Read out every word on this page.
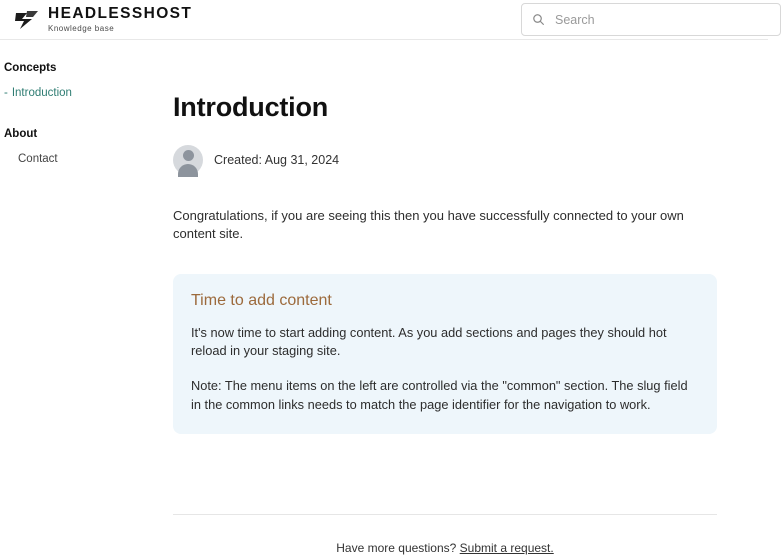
HEADLESSHOST
Knowledge base
Search
Concepts
- Introduction
About
Contact
Introduction
Created: Aug 31, 2024

Congratulations, if you are seeing this then you have successfully connected to your own content site.

Time to add content

It's now time to start adding content. As you add sections and pages they should hot reload in your staging site.

Note: The menu items on the left are controlled via the "common" section. The slug field in the common links needs to match the page identifier for the navigation to work.

Have more questions? Submit a request.
